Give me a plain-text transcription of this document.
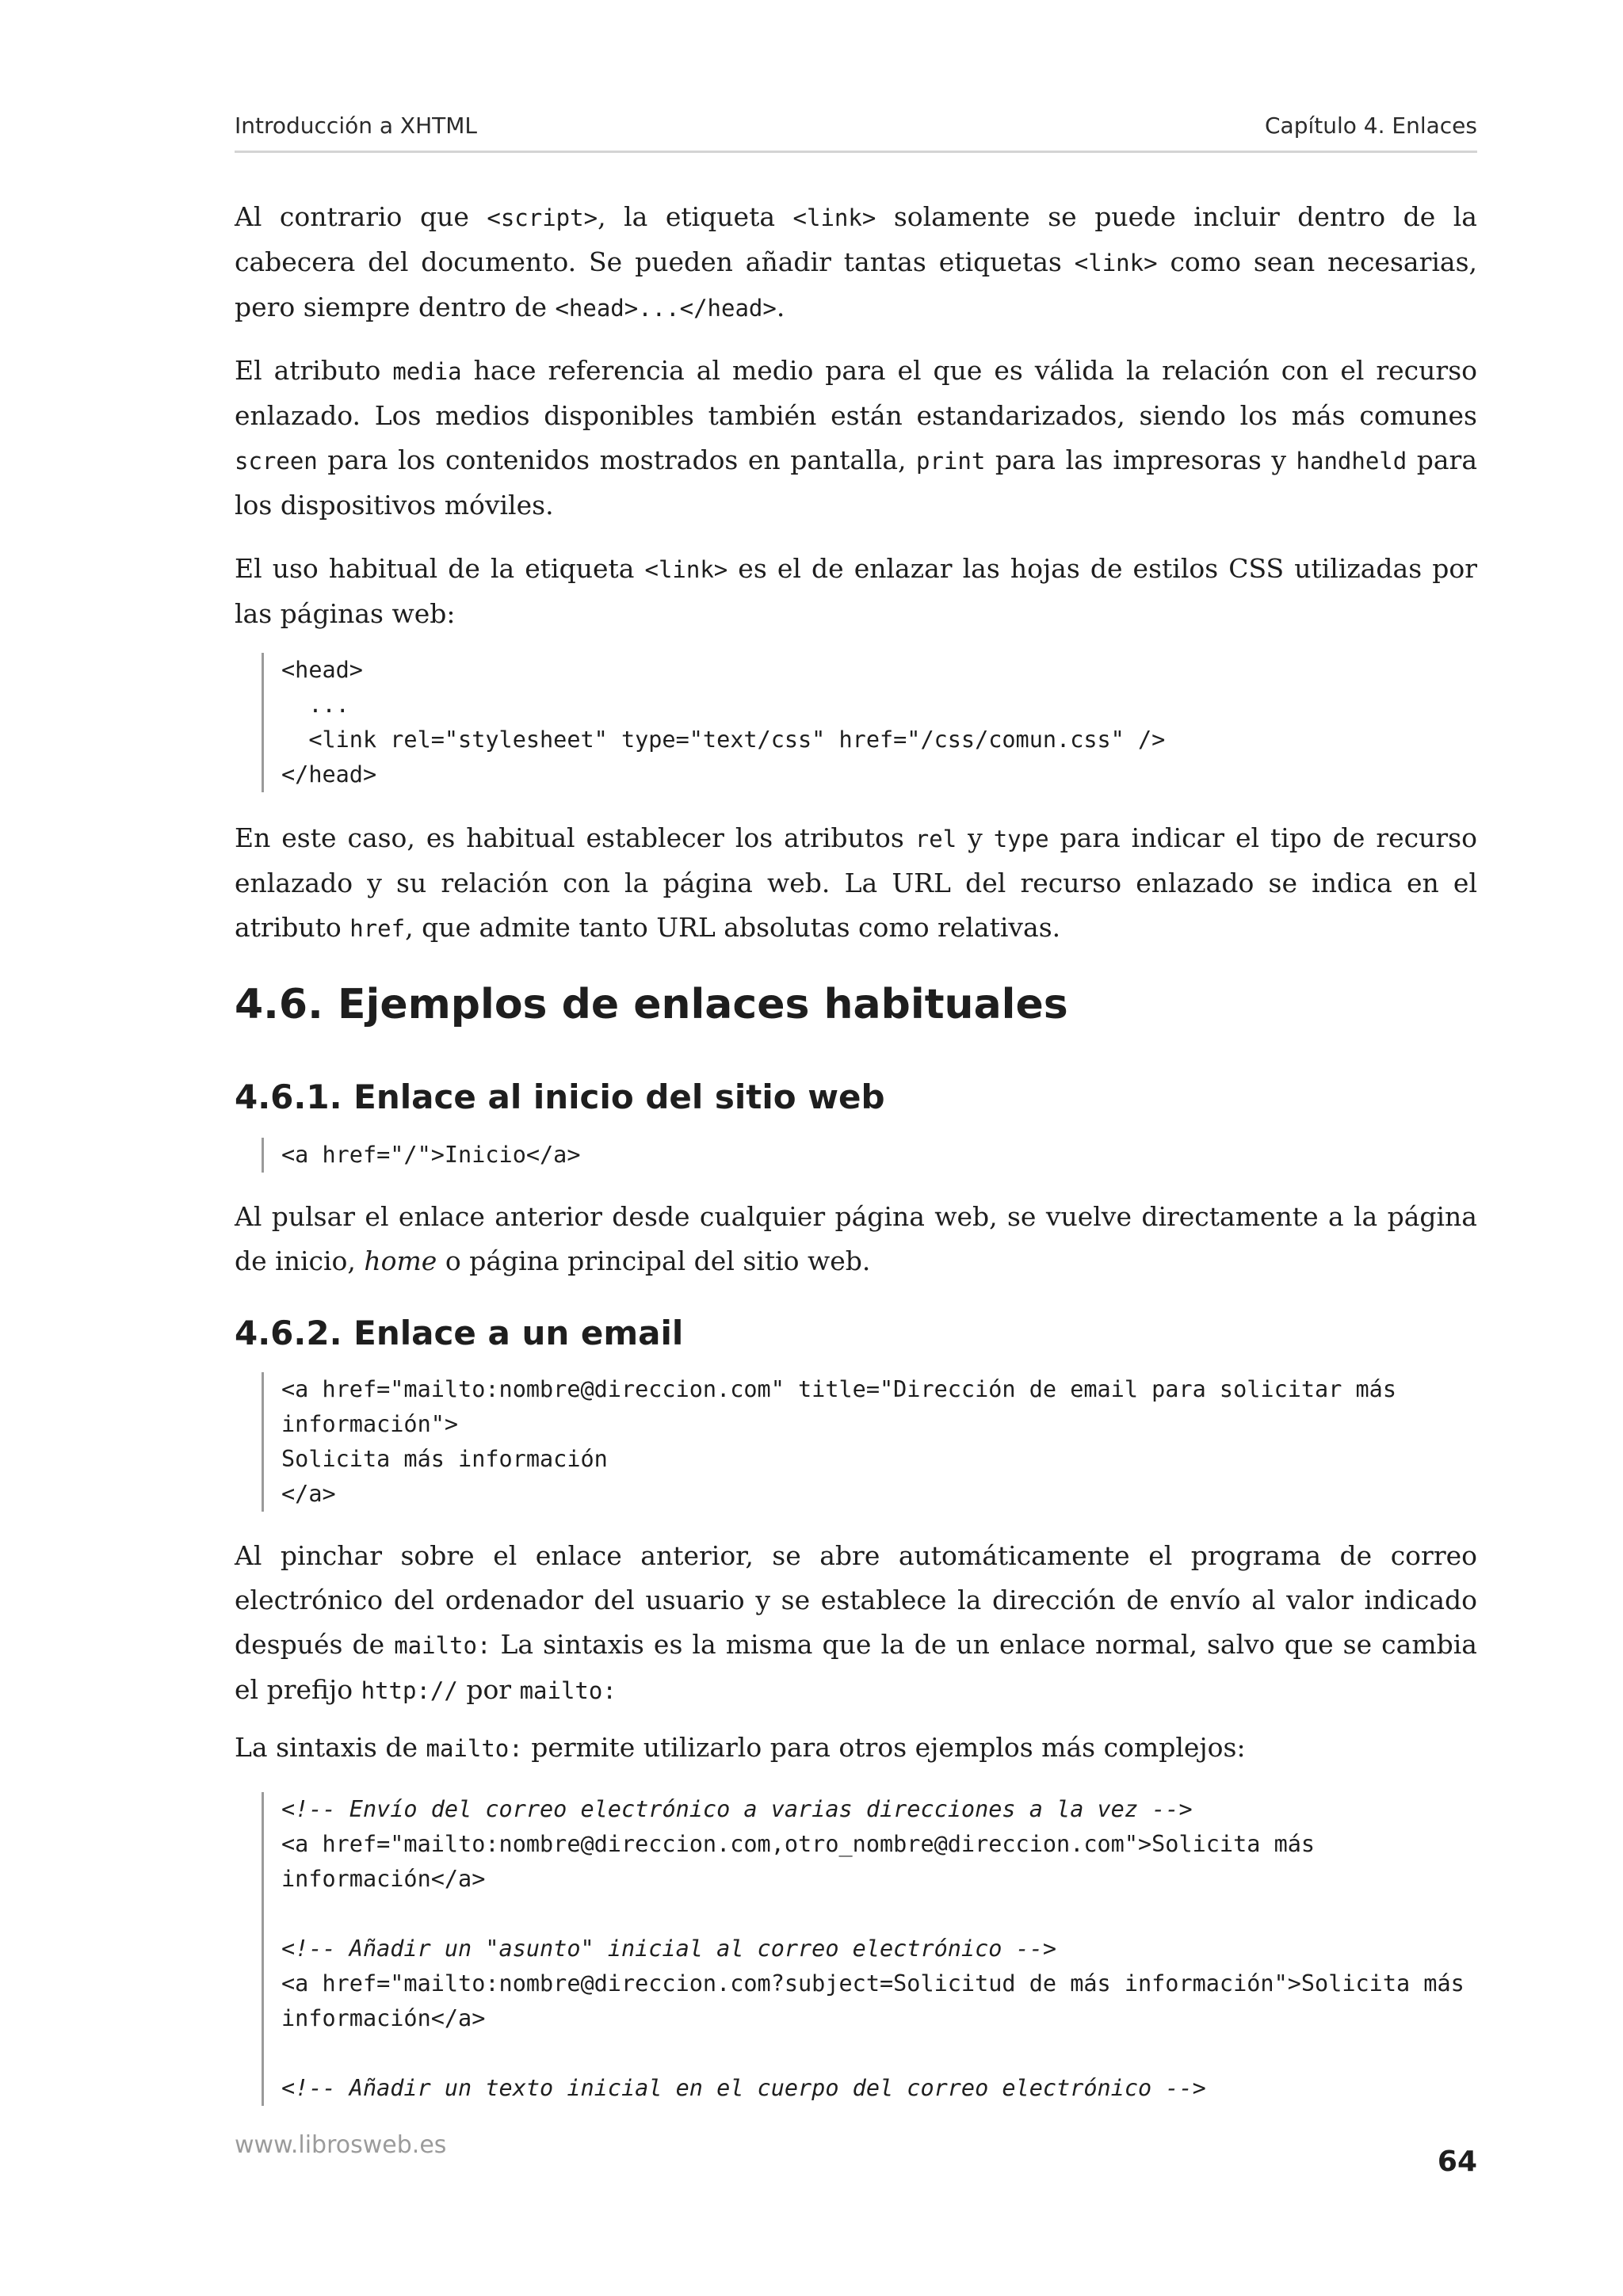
Introducción a XHTML	Capítulo 4. Enlaces
Al contrario que <script>, la etiqueta <link> solamente se puede incluir dentro de la cabecera del documento. Se pueden añadir tantas etiquetas <link> como sean necesarias, pero siempre dentro de <head>...</head>.
El atributo media hace referencia al medio para el que es válida la relación con el recurso enlazado. Los medios disponibles también están estandarizados, siendo los más comunes screen para los contenidos mostrados en pantalla, print para las impresoras y handheld para los dispositivos móviles.
El uso habitual de la etiqueta <link> es el de enlazar las hojas de estilos CSS utilizadas por las páginas web:
<head>
...
<link rel="stylesheet" type="text/css" href="/css/comun.css" />
</head>
En este caso, es habitual establecer los atributos rel y type para indicar el tipo de recurso enlazado y su relación con la página web. La URL del recurso enlazado se indica en el atributo href, que admite tanto URL absolutas como relativas.
4.6. Ejemplos de enlaces habituales
4.6.1. Enlace al inicio del sitio web
<a href="/">Inicio</a>
Al pulsar el enlace anterior desde cualquier página web, se vuelve directamente a la página de inicio, home o página principal del sitio web.
4.6.2. Enlace a un email
<a href="mailto:nombre@direccion.com" title="Dirección de email para solicitar más
información">
Solicita más información
</a>
Al pinchar sobre el enlace anterior, se abre automáticamente el programa de correo electrónico del ordenador del usuario y se establece la dirección de envío al valor indicado después de mailto: La sintaxis es la misma que la de un enlace normal, salvo que se cambia el prefijo http:// por mailto:
La sintaxis de mailto: permite utilizarlo para otros ejemplos más complejos:
<!-- Envío del correo electrónico a varias direcciones a la vez -->
<a href="mailto:nombre@direccion.com,otro_nombre@direccion.com">Solicita más
información</a>
<!-- Añadir un "asunto" inicial al correo electrónico -->
<a href="mailto:nombre@direccion.com?subject=Solicitud de más información">Solicita más
información</a>
<!-- Añadir un texto inicial en el cuerpo del correo electrónico -->
www.librosweb.es
64
